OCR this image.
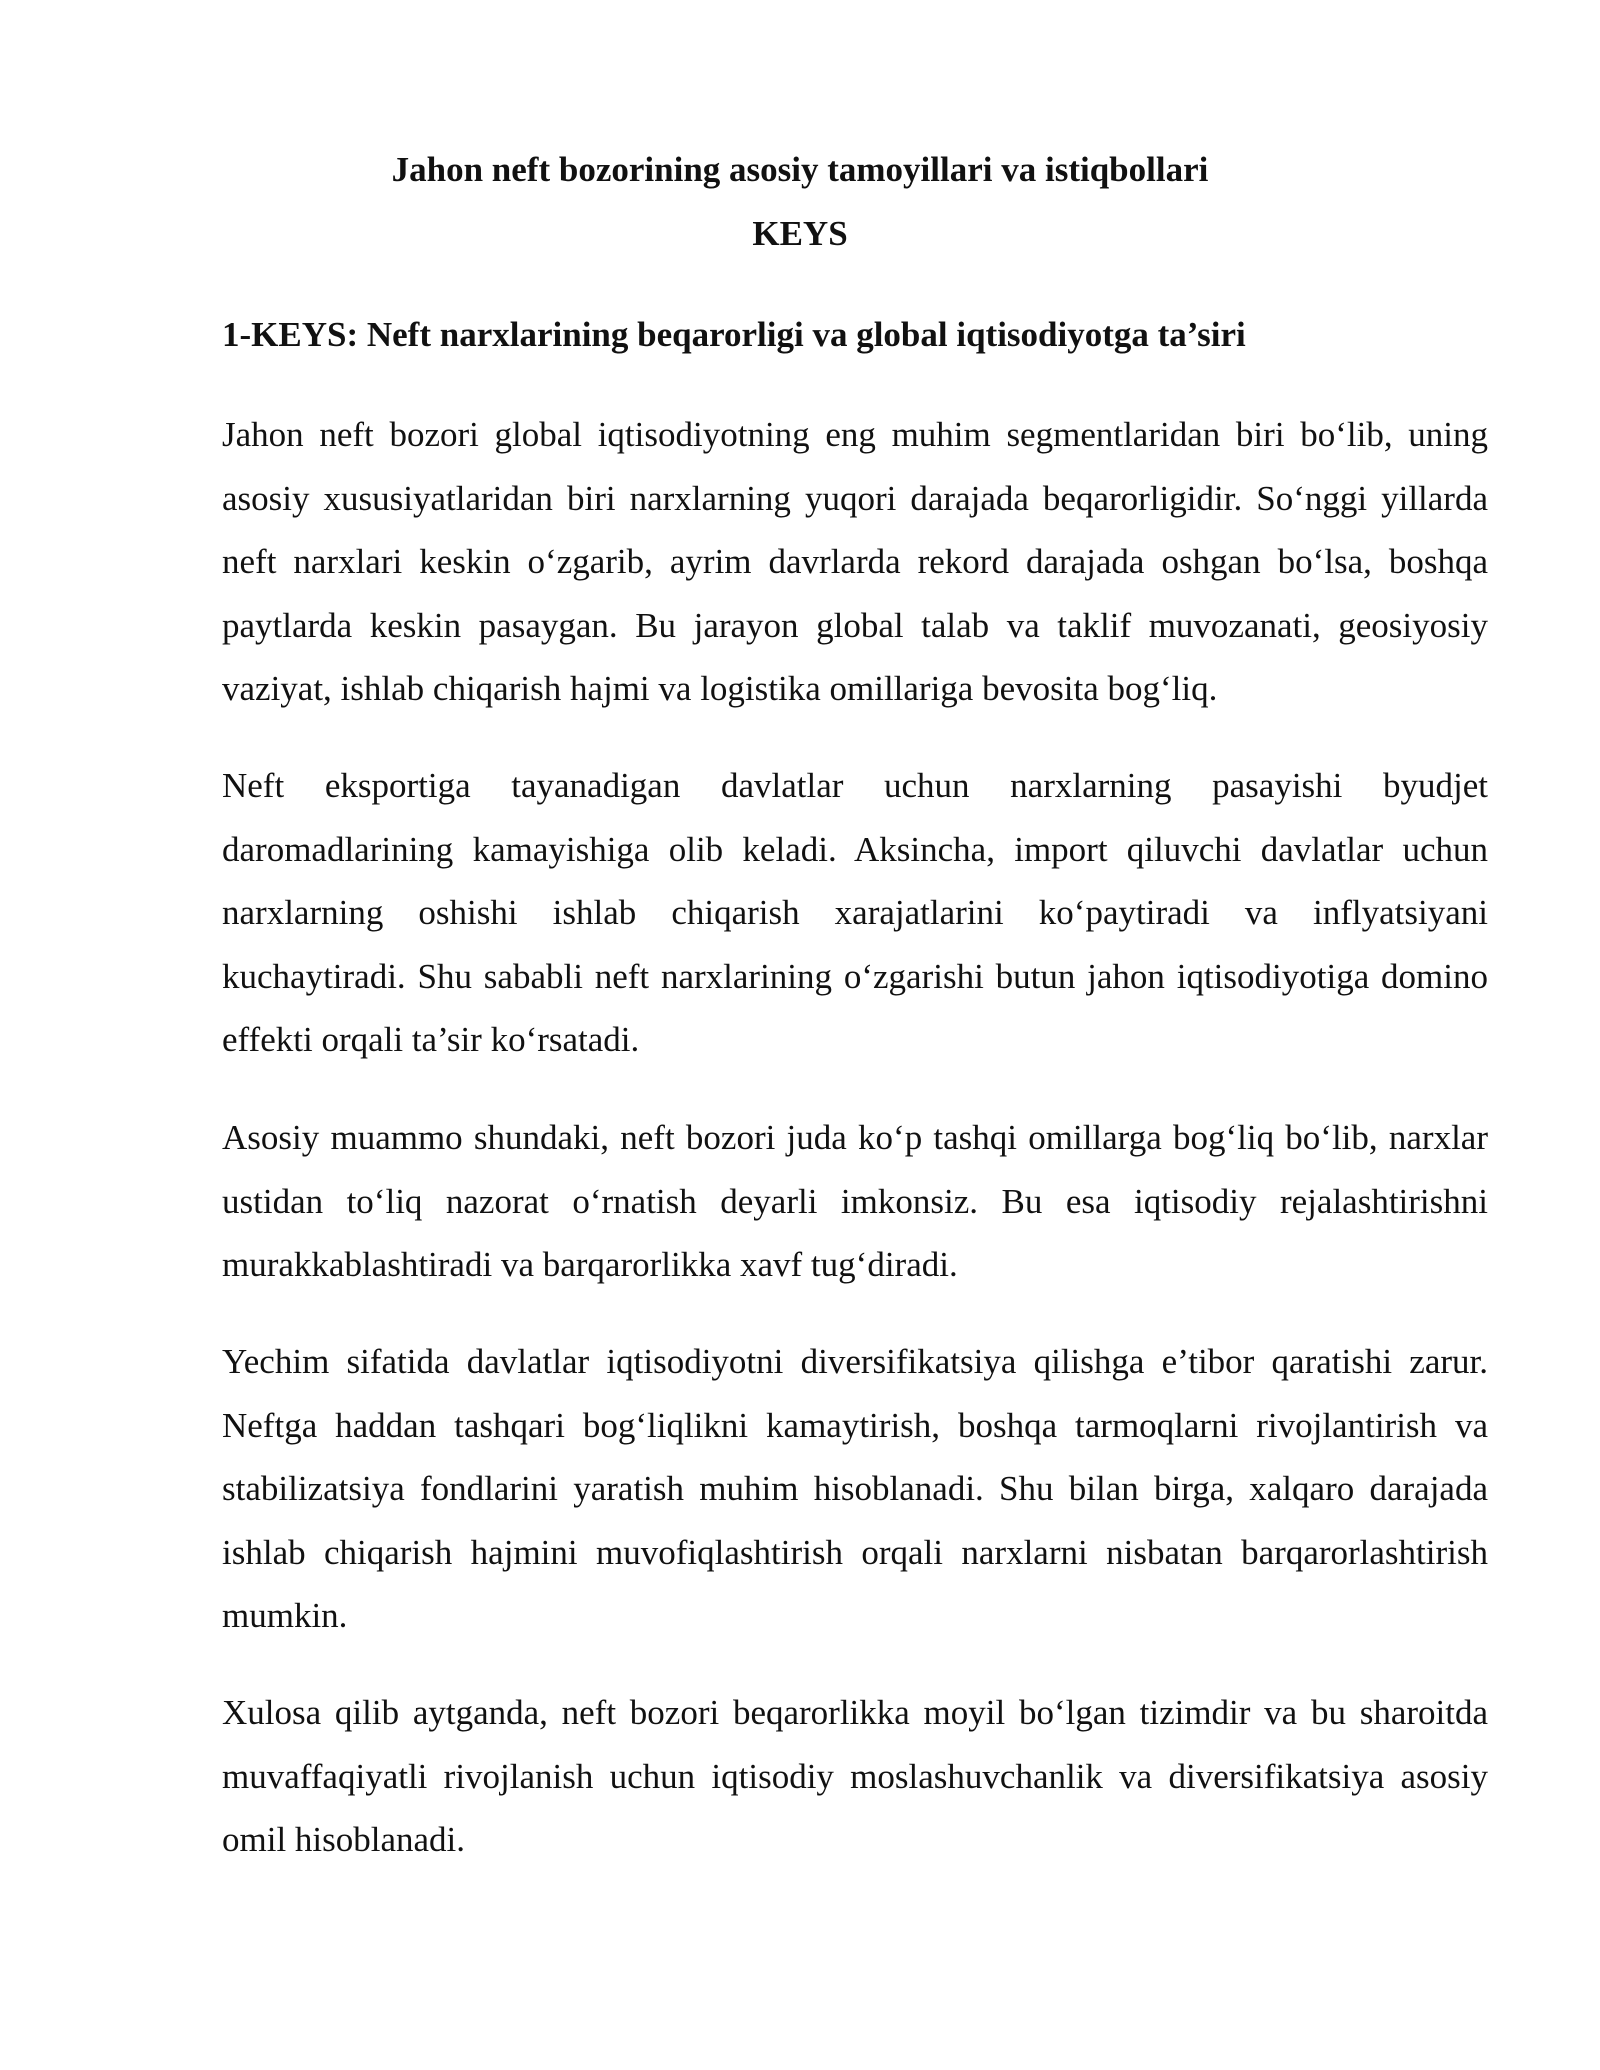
Jahon neft bozorining asosiy tamoyillari va istiqbollari
KEYS
1-KEYS: Neft narxlarining beqarorligi va global iqtisodiyotga ta’siri

Jahon neft bozori global iqtisodiyotning eng muhim segmentlaridan biri bo‘lib, uning asosiy xususiyatlaridan biri narxlarning yuqori darajada beqarorligidir. So‘nggi yillarda neft narxlari keskin o‘zgarib, ayrim davrlarda rekord darajada oshgan bo‘lsa, boshqa paytlarda keskin pasaygan. Bu jarayon global talab va taklif muvozanati, geosiyosiy vaziyat, ishlab chiqarish hajmi va logistika omillariga bevosita bog‘liq.

Neft eksportiga tayanadigan davlatlar uchun narxlarning pasayishi byudjet daromadlarining kamayishiga olib keladi. Aksincha, import qiluvchi davlatlar uchun narxlarning oshishi ishlab chiqarish xarajatlarini ko‘paytiradi va inflyatsiyani kuchaytiradi. Shu sababli neft narxlarining o‘zgarishi butun jahon iqtisodiyotiga domino effekti orqali ta’sir ko‘rsatadi.

Asosiy muammo shundaki, neft bozori juda ko‘p tashqi omillarga bog‘liq bo‘lib, narxlar ustidan to‘liq nazorat o‘rnatish deyarli imkonsiz. Bu esa iqtisodiy rejalashtirishni murakkablashtiradi va barqarorlikka xavf tug‘diradi.

Yechim sifatida davlatlar iqtisodiyotni diversifikatsiya qilishga e’tibor qaratishi zarur. Neftga haddan tashqari bog‘liqlikni kamaytirish, boshqa tarmoqlarni rivojlantirish va stabilizatsiya fondlarini yaratish muhim hisoblanadi. Shu bilan birga, xalqaro darajada ishlab chiqarish hajmini muvofiqlashtirish orqali narxlarni nisbatan barqarorlashtirish mumkin.

Xulosa qilib aytganda, neft bozori beqarorlikka moyil bo‘lgan tizimdir va bu sharoitda muvaffaqiyatli rivojlanish uchun iqtisodiy moslashuvchanlik va diversifikatsiya asosiy omil hisoblanadi.
